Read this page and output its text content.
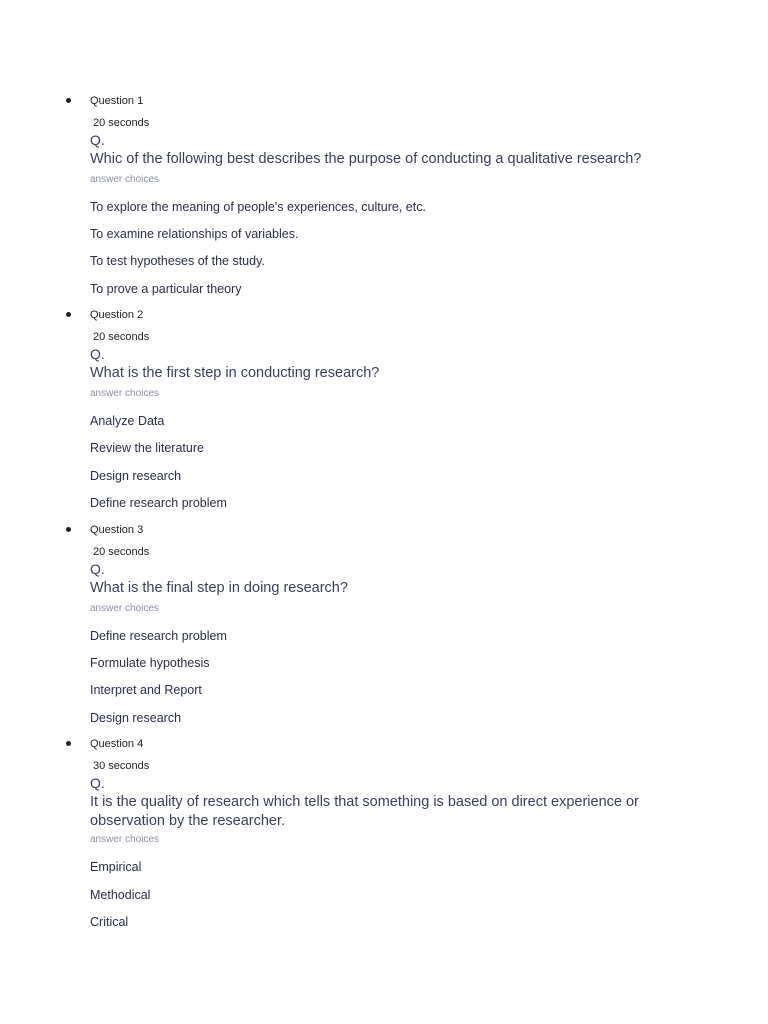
Question 1
20 seconds
Q.
Whic of the following best describes the purpose of conducting a qualitative research?
answer choices
To explore the meaning of people's experiences, culture, etc.
To examine relationships of variables.
To test hypotheses of the study.
To prove a particular theory
Question 2
20 seconds
Q.
What is the first step in conducting research?
answer choices
Analyze Data
Review the literature
Design research
Define research problem
Question 3
20 seconds
Q.
What is the final step in doing research?
answer choices
Define research problem
Formulate hypothesis
Interpret and Report
Design research
Question 4
30 seconds
Q.
It is the quality of research which tells that something is based on direct experience or observation by the researcher.
answer choices
Empirical
Methodical
Critical
